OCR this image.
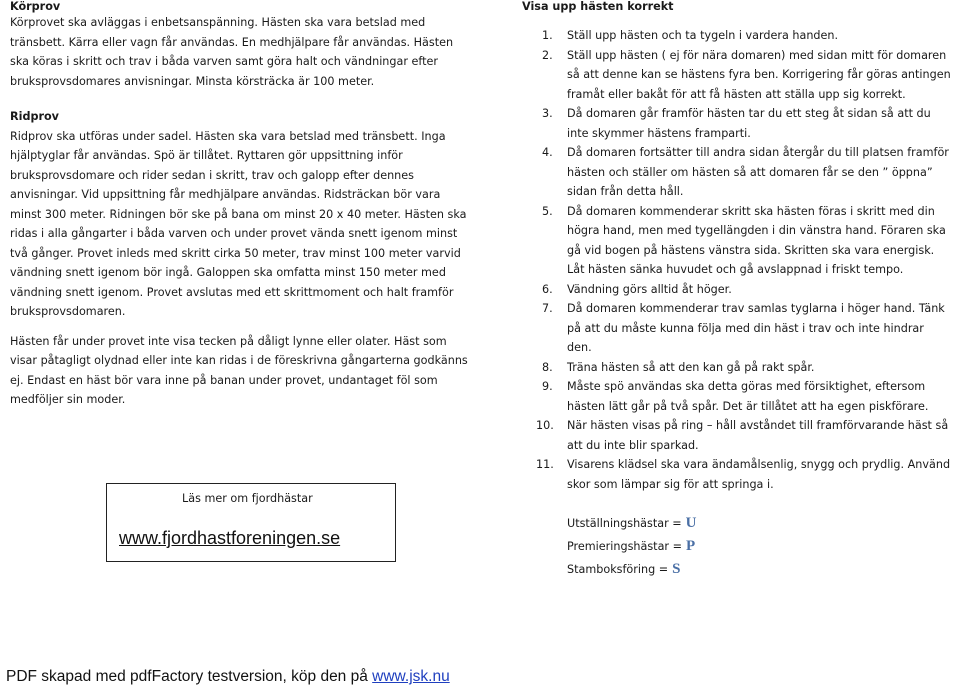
Körprov

Körprovet ska avläggas i enbetsanspänning. Hästen ska vara betslad med tränsbett. Kärra eller vagn får användas. En medhjälpare får användas. Hästen ska köras i skritt och trav i båda varven samt göra halt och vändningar efter bruksprovsdomares anvisningar. Minsta körsträcka är 100 meter.

Ridprov

Ridprov ska utföras under sadel. Hästen ska vara betslad med tränsbett. Inga hjälptyglar får användas. Spö är tillåtet. Ryttaren gör uppsittning inför bruksprovsdomare och rider sedan i skritt, trav och galopp efter dennes anvisningar. Vid uppsittning får medhjälpare användas. Ridsträckan bör vara minst 300 meter. Ridningen bör ske på bana om minst 20 x 40 meter. Hästen ska ridas i alla gångarter i båda varven och under provet vända snett igenom minst två gånger. Provet inleds med skritt cirka 50 meter, trav minst 100 meter varvid vändning snett igenom bör ingå. Galoppen ska omfatta minst 150 meter med vändning snett igenom. Provet avslutas med ett skrittmoment och halt framför bruksprovsdomaren.

Hästen får under provet inte visa tecken på dåligt lynne eller olater. Häst som visar påtagligt olydnad eller inte kan ridas i de föreskrivna gångarterna godkänns ej. Endast en häst bör vara inne på banan under provet, undantaget föl som medföljer sin moder.

Visa upp hästen korrekt
1. Ställ upp hästen och ta tygeln i vardera handen.
2. Ställ upp hästen ( ej för nära domaren) med sidan mitt för domaren så att denne kan se hästens fyra ben. Korrigering får göras antingen framåt eller bakåt för att få hästen att ställa upp sig korrekt.
3. Då domaren går framför hästen tar du ett steg åt sidan så att du inte skymmer hästens framparti.
4. Då domaren fortsätter till andra sidan återgår du till platsen framför hästen och ställer om hästen så att domaren får se den ” öppna” sidan från detta håll.
5. Då domaren kommenderar skritt ska hästen föras i skritt med din högra hand, men med tygellängden i din vänstra hand. Föraren ska gå vid bogen på hästens vänstra sida. Skritten ska vara energisk. Låt hästen sänka huvudet och gå avslappnad i friskt tempo.
6. Vändning görs alltid åt höger.
7. Då domaren kommenderar trav samlas tyglarna i höger hand. Tänk på att du måste kunna följa med din häst i trav och inte hindrar den.
8. Träna hästen så att den kan gå på rakt spår.
9. Måste spö användas ska detta göras med försiktighet, eftersom hästen lätt går på två spår. Det är tillåtet att ha egen piskförare.
10. När hästen visas på ring – håll avståndet till framförvarande häst så att du inte blir sparkad.
11. Visarens klädsel ska vara ändamålsenlig, snygg och prydlig. Använd skor som lämpar sig för att springa i.
Läs mer om fjordhästar
www.fjordhastforeningen.se
Utställningshästar = U
Premieringshästar = P
Stamboksföring = S
PDF skapad med pdfFactory testversion, köp den på www.jsk.nu
